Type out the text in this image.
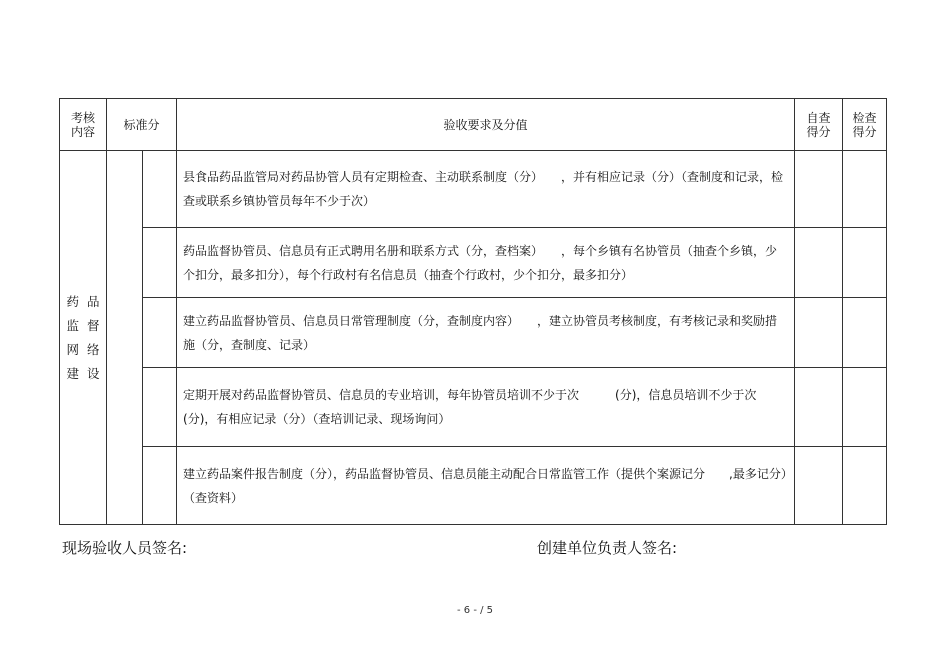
考核内容	标准分		验收要求及分值	自查得分	检查得分

药 品
监 督
网 络
建 设			县食品药品监管局对药品协管人员有定期检查、主动联系制度（分）　　，并有相应记录（分）（查制度和记录，检查或联系乡镇协管员每年不少于次）		
			药品监督协管员、信息员有正式聘用名册和联系方式（分，查档案）　　，每个乡镇有名协管员（抽查个乡镇，少个扣分，最多扣分），每个行政村有名信息员（抽查个行政村，少个扣分，最多扣分）		
			建立药品监督协管员、信息员日常管理制度（分，查制度内容）　　，建立协管员考核制度，有考核记录和奖励措施（分，查制度、记录）		
			定期开展对药品监督协管员、信息员的专业培训，每年协管员培训不少于次　　　(分)，信息员培训不少于次(分)，有相应记录（分）（查培训记录、现场询问）		
			建立药品案件报告制度（分），药品监督协管员、信息员能主动配合日常监管工作（提供个案源记分　　,最多记分）（查资料）		
现场验收人员签名:	创建单位负责人签名:
- 6 - / 5
